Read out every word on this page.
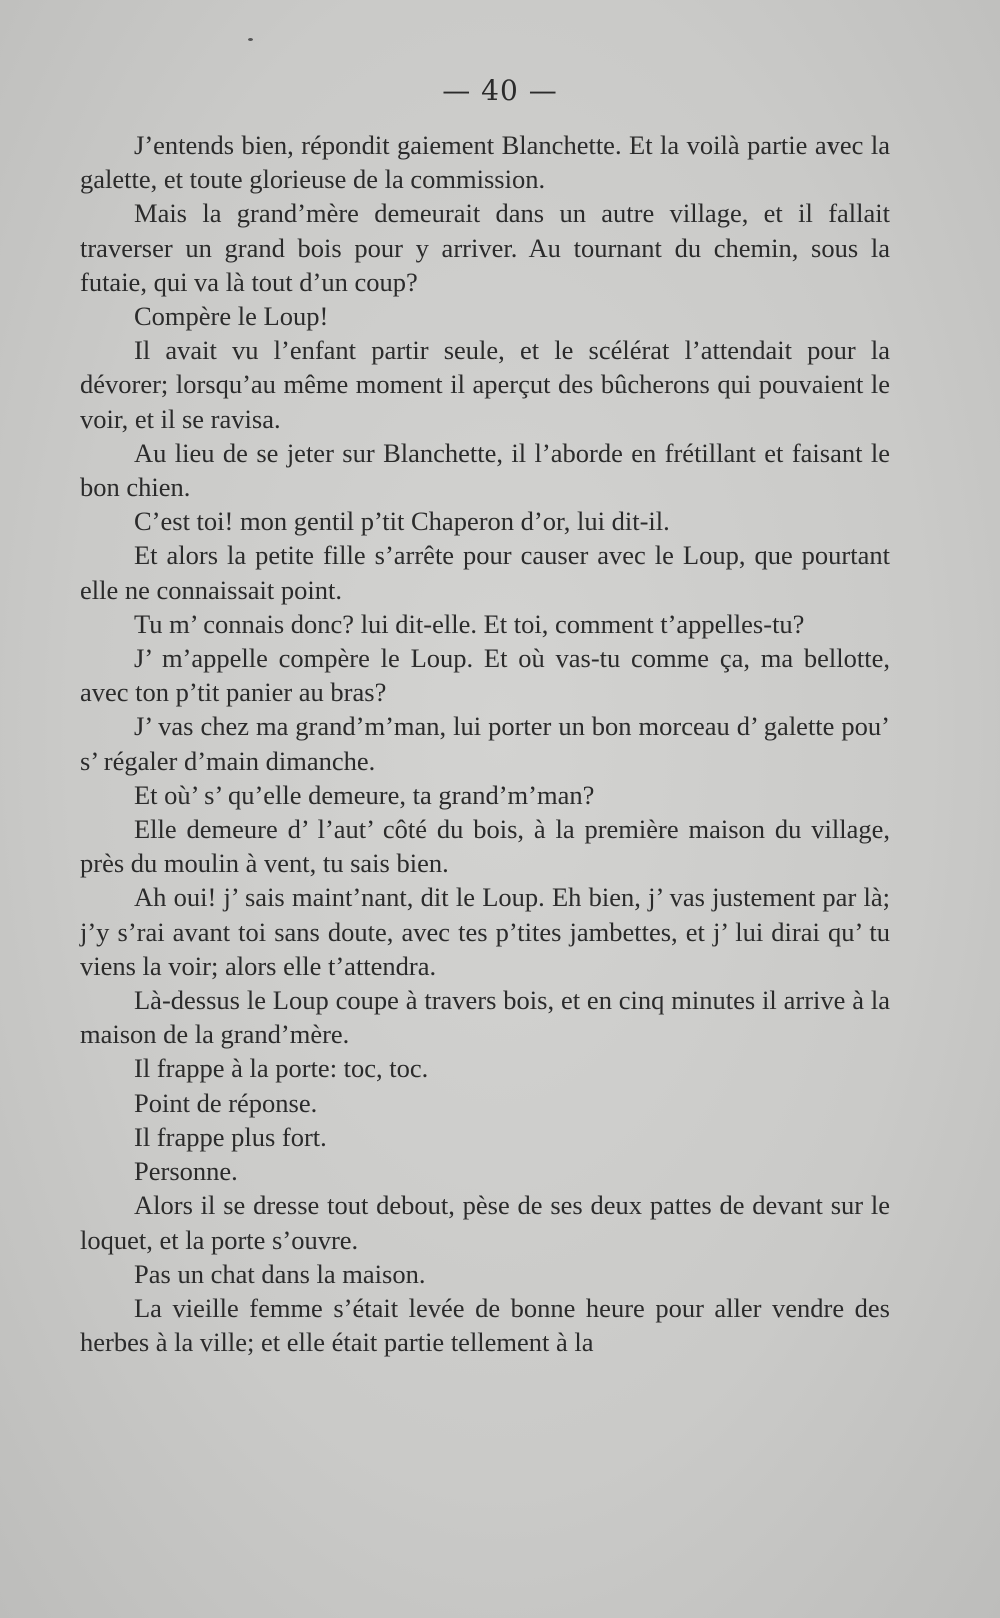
— 40 —

J’entends bien, répondit gaiement Blanchette. Et la voilà partie avec la galette, et toute glorieuse de la commission.

Mais la grand’mère demeurait dans un autre village, et il fallait traverser un grand bois pour y arriver. Au tournant du chemin, sous la futaie, qui va là tout d’un coup?

Compère le Loup!

Il avait vu l’enfant partir seule, et le scélérat l’attendait pour la dévorer; lorsqu’au même moment il aperçut des bûcherons qui pouvaient le voir, et il se ravisa.

Au lieu de se jeter sur Blanchette, il l’aborde en frétillant et faisant le bon chien.

C’est toi! mon gentil p’tit Chaperon d’or, lui dit-il.

Et alors la petite fille s’arrête pour causer avec le Loup, que pourtant elle ne connaissait point.

Tu m’ connais donc? lui dit-elle. Et toi, comment t’appelles-tu?

J’ m’appelle compère le Loup. Et où vas-tu comme ça, ma bellotte, avec ton p’tit panier au bras?

J’ vas chez ma grand’m’man, lui porter un bon morceau d’ galette pou’ s’ régaler d’main dimanche.

Et où’ s’ qu’elle demeure, ta grand’m’man?

Elle demeure d’ l’aut’ côté du bois, à la première maison du village, près du moulin à vent, tu sais bien.

Ah oui! j’ sais maint’nant, dit le Loup. Eh bien, j’ vas justement par là; j’y s’rai avant toi sans doute, avec tes p’tites jambettes, et j’ lui dirai qu’ tu viens la voir; alors elle t’attendra.

Là-dessus le Loup coupe à travers bois, et en cinq minutes il arrive à la maison de la grand’mère.

Il frappe à la porte: toc, toc.

Point de réponse.

Il frappe plus fort.

Personne.

Alors il se dresse tout debout, pèse de ses deux pattes de devant sur le loquet, et la porte s’ouvre.

Pas un chat dans la maison.

La vieille femme s’était levée de bonne heure pour aller vendre des herbes à la ville; et elle était partie tellement à la
